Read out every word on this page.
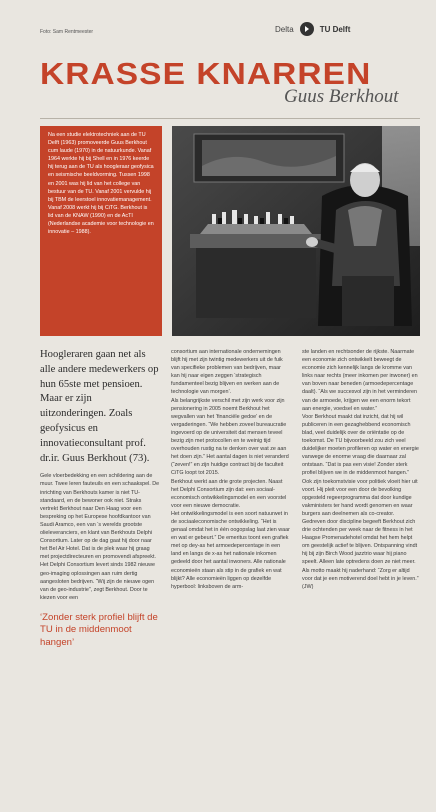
Foto: Sam Rentmeester	Delta	TU Delft
KRASSE KNARREN
Guus Berkhout
Na een studie elektrotechniek aan de TU Delft (1963) promoveerde Guus Berkhout cum laude (1970) in de natuurkunde. Vanaf 1964 werkte hij bij Shell en in 1976 keerde hij terug aan de TU als hoogleraar geofysica en seismische beeldvorming. Tussen 1998 en 2001 was hij lid van het college van bestuur van de TU. Vanaf 2001 vervulde hij bij TBM de leerstoel innovatiemanagement. Vanaf 2008 werkt hij bij CiTG. Berkhout is lid van de KNAW (1990) en de AcTI (Nederlandse academie voor technologie en innovatie – 1988).
Hoogleraren gaan net als alle andere medewerkers op hun 65ste met pensioen. Maar er zijn uitzonderingen. Zoals geofysicus en innovatieconsultant prof. dr.ir. Guus Berkhout (73).
Gele vloerbedekking en een schildering aan de muur. Twee leren fauteuils en een schaakspel. De inrichting van Berkhouts kamer is niet TU-standaard, en de bewoner ook niet. Straks vertrekt Berkhout naar Den Haag voor een bespreking op het Europese hoofdkantoor van Saudi Aramco, een van ‘s werelds grootste olieleveranciers, en klant van Berkhouts Delphi Consortium. Later op de dag gaat hij door naar het Bel Air Hotel. Dat is de plek waar hij graag met projectdirecteuren en promovendi afspreekt.
Het Delphi Consortium levert sinds 1982 nieuwe geo-imaging oplossingen aan ruim dertig aangesloten bedrijven. “Wij zijn de nieuwe ogen van de geo-industrie”, zegt Berkhout. Door te kiezen voor een
‘Zonder sterk profiel blijft de TU in de middenmoot hangen’
consortium aan internationale ondernemingen blijft hij met zijn twintig medewerkers uit de fuik van specifieke problemen van bedrijven, maar kan hij naar eigen zeggen ‘strategisch fundamenteel bezig blijven en werken aan de technologie van morgen’.
Als belangrijkste verschil met zijn werk voor zijn pensionering in 2005 noemt Berkhout het wegvallen van het ‘financiële gedoe’ en de vergaderingen. “We hebben zoveel bureaucratie ingevoerd op de universiteit dat mensen teveel bezig zijn met protocollen en te weinig tijd overhouden rustig na te denken over wat ze aan het doen zijn.” Het aantal dagen is niet veranderd (“zeven!” en zijn huidige contract bij de faculteit CiTG loopt tot 2015.
Berkhout werkt aan drie grote projecten. Naast het Delphi Consortium zijn dat: een sociaal-economisch ontwikkelingsmodel en een voorstel voor een nieuwe democratie.
Het ontwikkelingsmodel is een soort natuurwet in de sociaaleconomische ontwikkeling. “Het is genaal omdat het in één oogopslag laat zien waar en wat er gebeurt.” De emeritus toont een grafiek met op dey-as het armoedepercentage in een land en langs de x-as het nationale inkomen gedeeld door het aantal inwoners. Alle nationale economieën staan als stip in de grafiek en wat blijkt? Alle economieën liggen op dezelfde hyperbool: linksboven de arm-
ste landen en rechtsonder de rijkste. Naarmate een economie zich ontwikkelt beweegt de economie zich kennelijk langs de kromme van links naar rechts (meer inkomen per inwoner) en van boven naar beneden (armoedepercentage daalt). “Als we succesvol zijn in het verminderen van de armoede, krijgen we een enorm tekort aan energie, voedsel en water.”
Voor Berkhout maakt dat inzicht, dat hij wil publiceren in een gezaghebbend economisch blad, veel duidelijk over de oriëntatie op de toekomst. De TU bijvoorbeeld zou zich veel duidelijker moeten profileren op water en energie vanwege de enorme vraag die daarnaar zal ontstaan. “Dat is pas een visie! Zonder sterk profiel blijven we in de middenmoot hangen.”
Ook zijn toekomstvisie voor politiek vloeit hier uit voort. Hij pleit voor een door de bevolking opgesteld regeerprogramma dat door kundige vakministers ter hand wordt genomen en waar burgers aan deelnemen als co-creator.
Gedreven door discipline begeeft Berkhout zich drie ochtenden per week naar de fitness in het Haagse Promenadehotel omdat het hem helpt om geestelijk actief te blijven. Ontspanning vindt hij bij zijn Birch Wood jazztrio waar hij piano speelt. Alleen late optredens doen ze niet meer. Als motto maakt hij naderhand: “Zorg er altijd voor dat je een motiverend doel hebt in je leven.” (JW)
